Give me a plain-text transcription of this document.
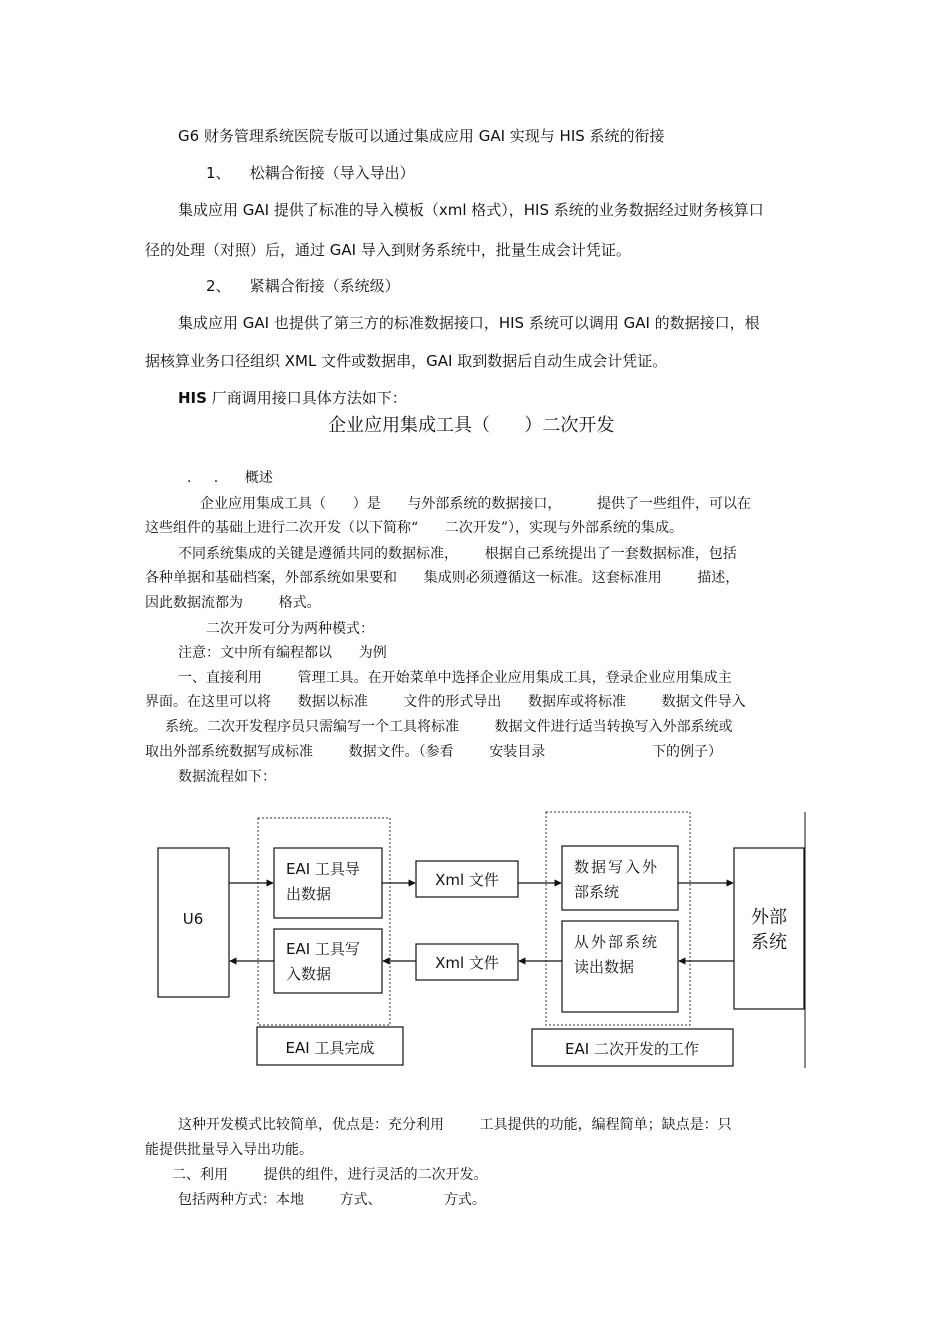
G6 财务管理系统医院专版可以通过集成应用 GAI 实现与 HIS 系统的衔接
1、    松耦合衔接（导入导出）
集成应用 GAI 提供了标准的导入模板（xml 格式），HIS 系统的业务数据经过财务核算口
径的处理（对照）后，通过 GAI 导入到财务系统中，批量生成会计凭证。
2、    紧耦合衔接（系统级）
集成应用 GAI 也提供了第三方的标准数据接口，HIS 系统可以调用 GAI 的数据接口，根
据核算业务口径组织 XML 文件或数据串，GAI 取到数据后自动生成会计凭证。
HIS 厂商调用接口具体方法如下：
企业应用集成工具（      ）二次开发
.     .      概述
企业应用集成工具（      ）是      与外部系统的数据接口，        提供了一些组件，可以在
这些组件的基础上进行二次开发（以下简称“      二次开发”），实现与外部系统的集成。
不同系统集成的关键是遵循共同的数据标准，      根据自己系统提出了一套数据标准，包括
各种单据和基础档案，外部系统如果要和      集成则必须遵循这一标准。这套标准用        描述，
因此数据流都为        格式。
二次开发可分为两种模式：
注意：文中所有编程都以      为例
一、直接利用        管理工具。在开始菜单中选择企业应用集成工具，登录企业应用集成主
界面。在这里可以将      数据以标准        文件的形式导出      数据库或将标准        数据文件导入
系统。二次开发程序员只需编写一个工具将标准        数据文件进行适当转换写入外部系统或
取出外部系统数据写成标准        数据文件。（参看        安装目录                        下的例子）
数据流程如下：
U6
EAI 工具导
出数据
EAI 工具写
入数据
Xml 文件
Xml 文件
数据写入外
部系统
从外部系统
读出数据
外部
系统
EAI 工具完成	EAI 二次开发的工作
这种开发模式比较简单，优点是：充分利用        工具提供的功能，编程简单；缺点是：只
能提供批量导入导出功能。
二、利用        提供的组件，进行灵活的二次开发。
包括两种方式：本地        方式、              方式。
